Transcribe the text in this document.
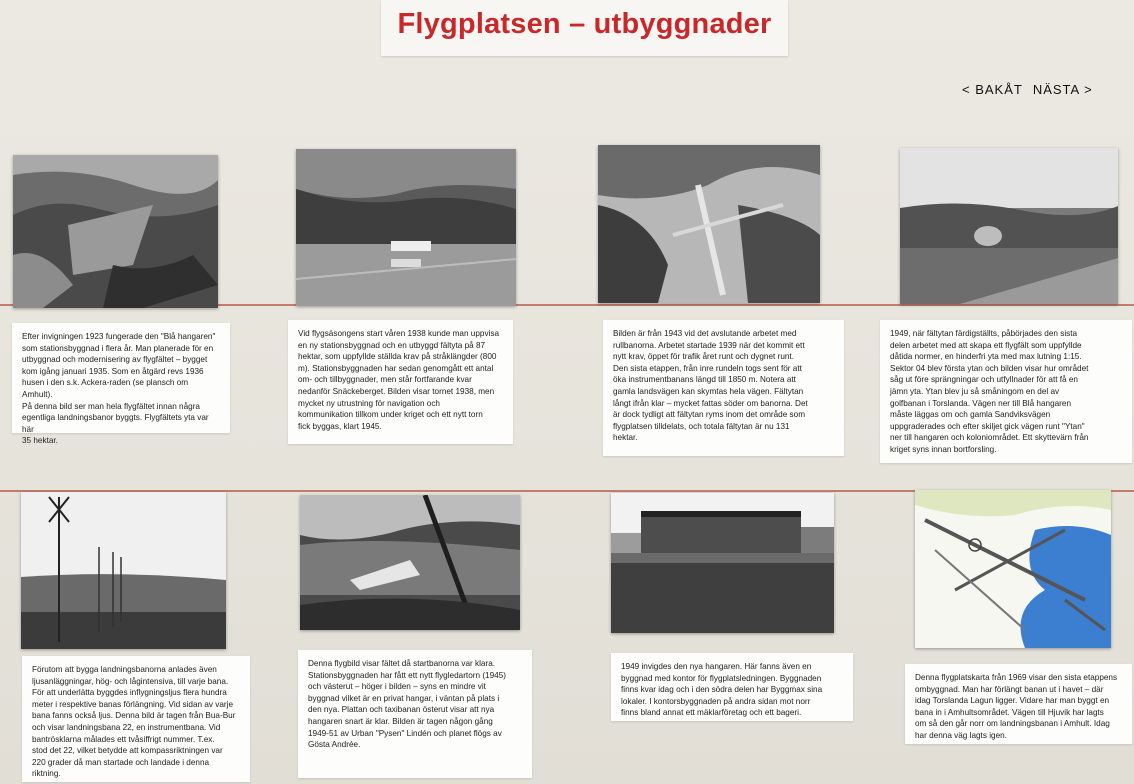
Flygplatsen – utbyggnader
< BAKÅT NÄSTA >
Efter invigningen 1923 fungerade den "Blå hangaren"
som stationsbyggnad i flera år. Man planerade för en
utbyggnad och modernisering av flygfältet – bygget
kom igång januari 1935. Som en åtgärd revs 1936
husen i den s.k. Ackera-raden (se plansch om Amhult).
På denna bild ser man hela flygfältet innan några
egentliga landningsbanor byggts. Flygfältets yta var här
35 hektar.
Vid flygsäsongens start våren 1938 kunde man uppvisa
en ny stationsbyggnad och en utbyggd fältyta på 87
hektar, som uppfyllde ställda krav på stråklängder (800
m). Stationsbyggnaden har sedan genomgått ett antal
om- och tillbyggnader, men står fortfarande kvar
nedanför Snäckeberget. Bilden visar tornet 1938, men
mycket ny utrustning för navigation och
kommunikation tillkom under kriget och ett nytt torn
fick byggas, klart 1945.
Bilden är från 1943 vid det avslutande arbetet med
rullbanorna. Arbetet startade 1939 när det kommit ett
nytt krav, öppet för trafik året runt och dygnet runt.
Den sista etappen, från inre rundeln togs sent för att
öka instrumentbanans längd till 1850 m. Notera att
gamla landsvägen kan skymtas hela vägen. Fältytan
långt ifrån klar – mycket fattas söder om banorna. Det
är dock tydligt att fältytan ryms inom det område som
flygplatsen tilldelats, och totala fältytan är nu 131
hektar.
1949, när fältytan färdigställts, påbörjades den sista
delen arbetet med att skapa ett flygfält som uppfyllde
dåtida normer, en hinderfri yta med max lutning 1:15.
Sektor 04 blev första ytan och bilden visar hur området
såg ut före sprängningar och utfyllnader för att få en
jämn yta. Ytan blev ju så småningom en del av
golfbanan i Torslanda. Vägen ner till Blå hangaren
måste läggas om och gamla Sandviksvägen
uppgraderades och efter skiljet gick vägen runt "Ytan"
ner till hangaren och koloniområdet. Ett skyttevärn från
kriget syns innan bortforsling.
Förutom att bygga landningsbanorna anlades även
ljusanläggningar, hög- och lågintensiva, till varje bana.
För att underlätta byggdes inflygningsljus flera hundra
meter i respektive banas förlängning. Vid sidan av varje
bana fanns också ljus. Denna bild är tagen från Bua-Bur
och visar landningsbana 22, en instrumentbana. Vid
bantrösklarna målades ett tvåsiffrigt nummer. T.ex.
stod det 22, vilket betydde att kompassriktningen var
220 grader då man startade och landade i denna
riktning.
Denna flygbild visar fältet då startbanorna var klara.
Stationsbyggnaden har fått ett nytt flygledartorn (1945)
och västerut – höger i bilden – syns en mindre vit
byggnad vilket är en privat hangar, i väntan på plats i
den nya. Plattan och taxibanan österut visar att nya
hangaren snart är klar. Bilden är tagen någon gång
1949-51 av Urban "Pysen" Lindén och planet flögs av
Gösta Andrée.
1949 invigdes den nya hangaren. Här fanns även en
byggnad med kontor för flygplatsledningen. Byggnaden
finns kvar idag och i den södra delen har Byggmax sina
lokaler. I kontorsbyggnaden på andra sidan mot norr
finns bland annat ett mäklarföretag och ett bageri.
Denna flygplatskarta från 1969 visar den sista etappens
ombyggnad. Man har förlängt banan ut i havet – där
idag Torslanda Lagun ligger. Vidare har man byggt en
bana in i Amhultsområdet. Vägen till Hjuvik har lagts
om så den går norr om landningsbanan i Amhult. Idag
har denna väg lagts igen.
